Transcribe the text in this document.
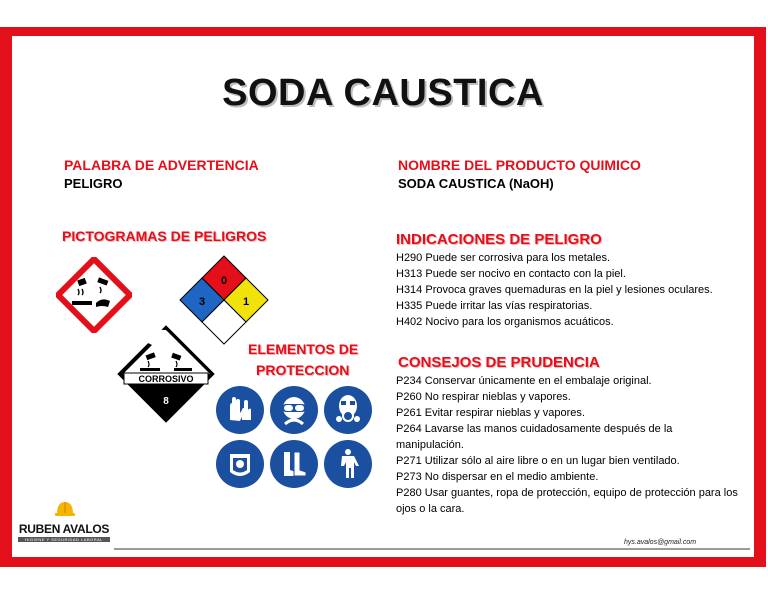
SODA CAUSTICA
PALABRA DE ADVERTENCIA
PELIGRO
PICTOGRAMAS DE PELIGROS
0
3	1
CORROSIVO
8
ELEMENTOS DE
PROTECCION
NOMBRE DEL PRODUCTO QUIMICO
SODA CAUSTICA (NaOH)
INDICACIONES DE PELIGRO
H290 Puede ser corrosiva para los metales.
H313 Puede ser nocivo en contacto con la piel.
H314 Provoca graves quemaduras en la piel y lesiones oculares.
H335 Puede irritar las vías respiratorias.
H402 Nocivo para los organismos acuáticos.
CONSEJOS DE PRUDENCIA
P234 Conservar únicamente en el embalaje original.
P260 No respirar nieblas y vapores.
P261 Evitar respirar nieblas y vapores.
P264 Lavarse las manos cuidadosamente después de la manipulación.
P271 Utilizar sólo al aire libre o en un lugar bien ventilado.
P273 No dispersar en el medio ambiente.
P280 Usar guantes, ropa de protección, equipo de protección para los ojos o la cara.
RUBEN AVALOS
HIGIENE Y SEGURIDAD LABORAL	hys.avalos@gmail.com
